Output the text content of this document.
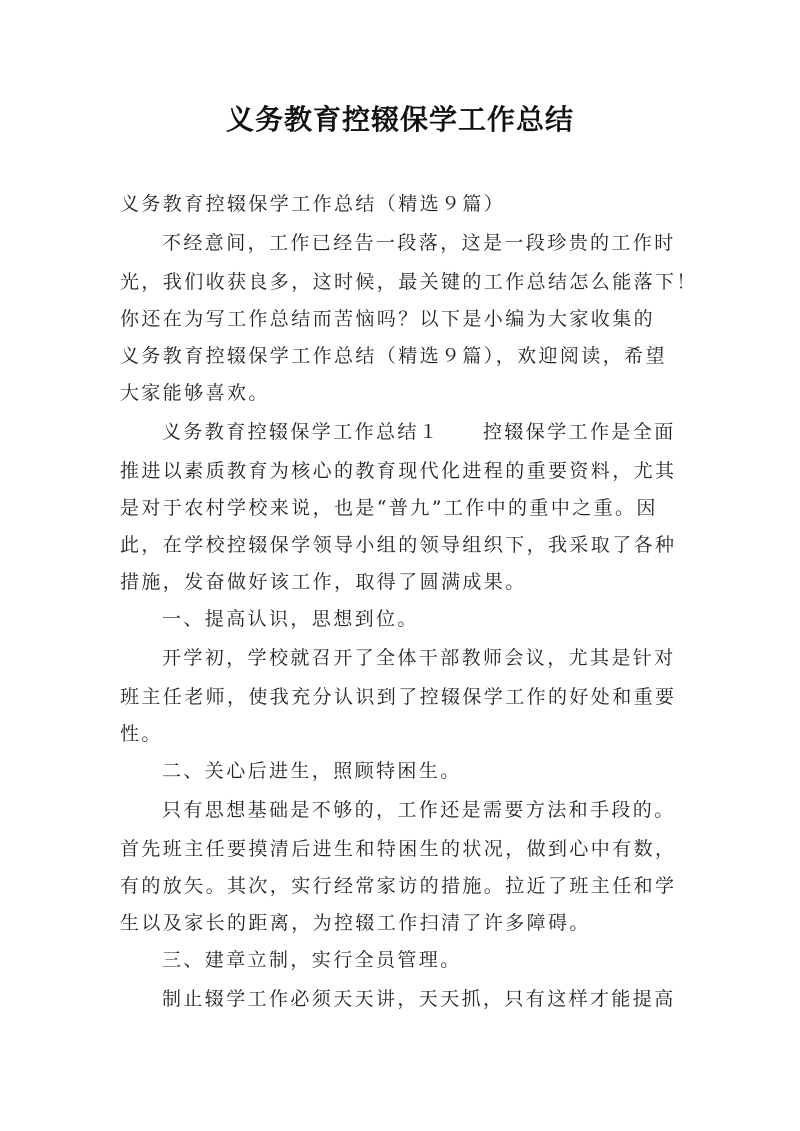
义务教育控辍保学工作总结
义务教育控辍保学工作总结（精选９篇）
不经意间，工作已经告一段落，这是一段珍贵的工作时
光，我们收获良多，这时候，最关键的工作总结怎么能落下！
你还在为写工作总结而苦恼吗？以下是小编为大家收集的
义务教育控辍保学工作总结（精选９篇），欢迎阅读，希望
大家能够喜欢。
义务教育控辍保学工作总结１　　控辍保学工作是全面
推进以素质教育为核心的教育现代化进程的重要资料，尤其
是对于农村学校来说，也是“普九”工作中的重中之重。因
此，在学校控辍保学领导小组的领导组织下，我采取了各种
措施，发奋做好该工作，取得了圆满成果。
一、提高认识，思想到位。
开学初，学校就召开了全体干部教师会议，尤其是针对
班主任老师，使我充分认识到了控辍保学工作的好处和重要
性。
二、关心后进生，照顾特困生。
只有思想基础是不够的，工作还是需要方法和手段的。
首先班主任要摸清后进生和特困生的状况，做到心中有数，
有的放矢。其次，实行经常家访的措施。拉近了班主任和学
生以及家长的距离，为控辍工作扫清了许多障碍。
三、建章立制，实行全员管理。
制止辍学工作必须天天讲，天天抓，只有这样才能提高
